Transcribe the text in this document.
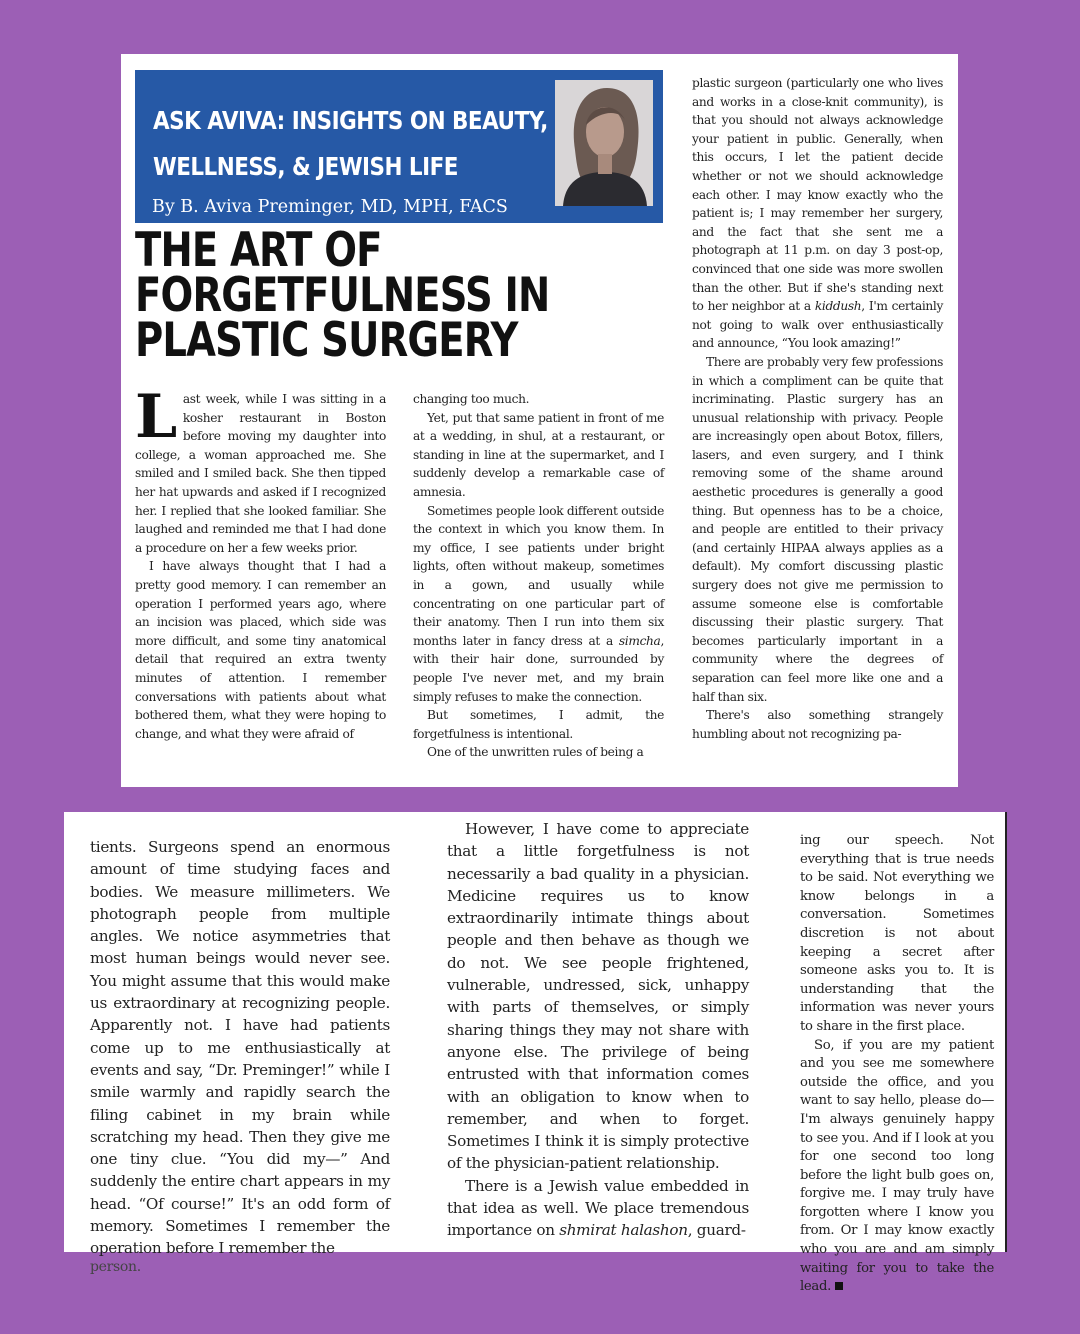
ASK AVIVA: INSIGHTS ON BEAUTY,
WELLNESS, & JEWISH LIFE
By B. Aviva Preminger, MD, MPH, FACS
THE ART OF
FORGETFULNESS IN
PLASTIC SURGERY

Last week, while I was sitting in a kosher restaurant in Boston before moving my daughter into college, a woman approached me. She smiled and I smiled back. She then tipped her hat upwards and asked if I recognized her. I replied that she looked familiar. She laughed and reminded me that I had done a procedure on her a few weeks prior.

I have always thought that I had a pretty good memory. I can remember an operation I performed years ago, where an incision was placed, which side was more difficult, and some tiny anatomical detail that required an extra twenty minutes of attention. I remember conversations with patients about what bothered them, what they were hoping to change, and what they were afraid of

changing too much.

Yet, put that same patient in front of me at a wedding, in shul, at a restaurant, or standing in line at the supermarket, and I suddenly develop a remarkable case of amnesia.

Sometimes people look different outside the context in which you know them. In my office, I see patients under bright lights, often without makeup, sometimes in a gown, and usually while concentrating on one particular part of their anatomy. Then I run into them six months later in fancy dress at a simcha, with their hair done, surrounded by people I've never met, and my brain simply refuses to make the connection.

But sometimes, I admit, the forgetfulness is intentional.

One of the unwritten rules of being a

plastic surgeon (particularly one who lives and works in a close-knit community), is that you should not always acknowledge your patient in public. Generally, when this occurs, I let the patient decide whether or not we should acknowledge each other. I may know exactly who the patient is; I may remember her surgery, and the fact that she sent me a photograph at 11 p.m. on day 3 post-op, convinced that one side was more swollen than the other. But if she's standing next to her neighbor at a kiddush, I'm certainly not going to walk over enthusiastically and announce, “You look amazing!”

There are probably very few professions in which a compliment can be quite that incriminating. Plastic surgery has an unusual relationship with privacy. People are increasingly open about Botox, fillers, lasers, and even surgery, and I think removing some of the shame around aesthetic procedures is generally a good thing. But openness has to be a choice, and people are entitled to their privacy (and certainly HIPAA always applies as a default). My comfort discussing plastic surgery does not give me permission to assume someone else is comfortable discussing their plastic surgery. That becomes particularly important in a community where the degrees of separation can feel more like one and a half than six.

There's also something strangely humbling about not recognizing pa-

tients. Surgeons spend an enormous amount of time studying faces and bodies. We measure millimeters. We photograph people from multiple angles. We notice asymmetries that most human beings would never see. You might assume that this would make us extraordinary at recognizing people. Apparently not. I have had patients come up to me enthusiastically at events and say, “Dr. Preminger!” while I smile warmly and rapidly search the filing cabinet in my brain while scratching my head. Then they give me one tiny clue. “You did my—” And suddenly the entire chart appears in my head. “Of course!” It's an odd form of memory. Sometimes I remember the operation before I remember the

person.

However, I have come to appreciate that a little forgetfulness is not necessarily a bad quality in a physician. Medicine requires us to know extraordinarily intimate things about people and then behave as though we do not. We see people frightened, vulnerable, undressed, sick, unhappy with parts of themselves, or simply sharing things they may not share with anyone else. The privilege of being entrusted with that information comes with an obligation to know when to remember, and when to forget. Sometimes I think it is simply protective of the physician-patient relationship.

There is a Jewish value embedded in that idea as well. We place tremendous importance on shmirat halashon, guard-

ing our speech. Not everything that is true needs to be said. Not everything we know belongs in a conversation. Sometimes discretion is not about keeping a secret after someone asks you to. It is understanding that the information was never yours to share in the first place.

So, if you are my patient and you see me somewhere outside the office, and you want to say hello, please do—I'm always genuinely happy to see you. And if I look at you for one second too long before the light bulb goes on, forgive me. I may truly have forgotten where I know you from. Or I may know exactly who you are and am simply waiting for you to take the lead.
